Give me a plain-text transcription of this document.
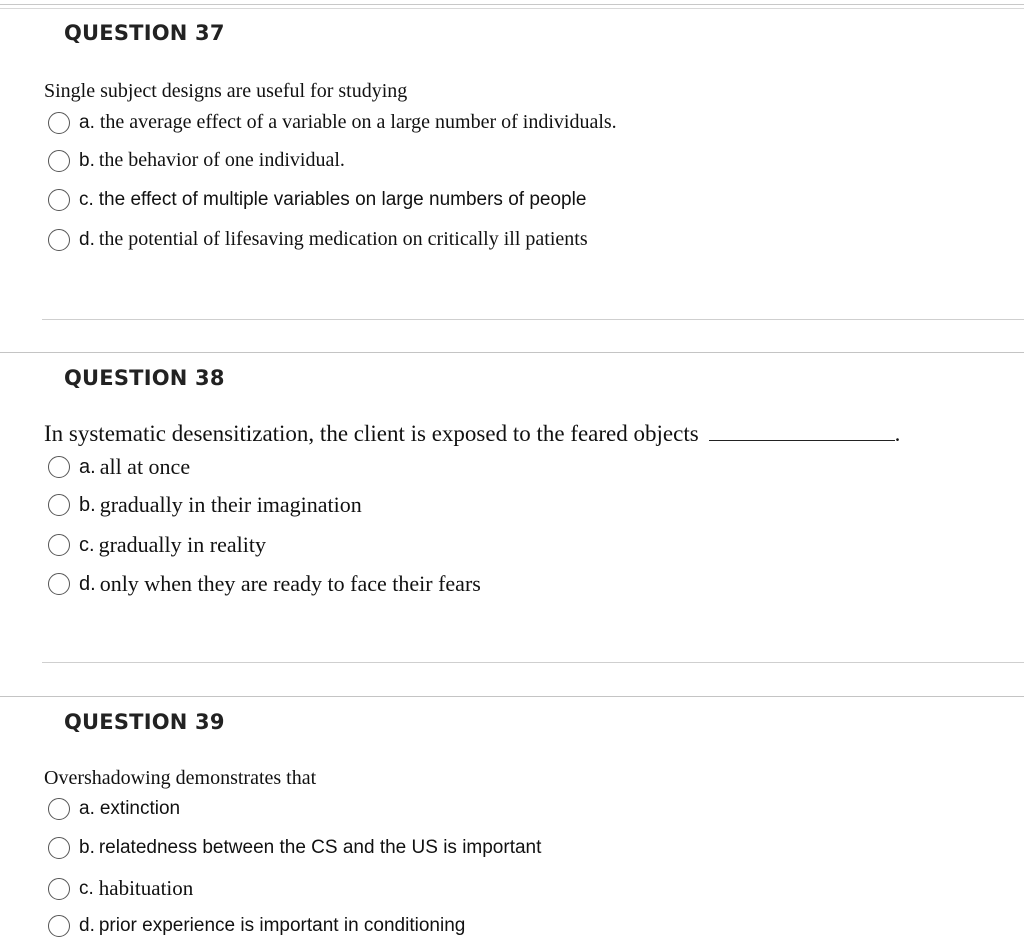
QUESTION 37
Single subject designs are useful for studying
a. the average effect of a variable on a large number of individuals.
b. the behavior of one individual.
c. the effect of multiple variables on large numbers of people
d. the potential of lifesaving medication on critically ill patients
QUESTION 38
In systematic desensitization, the client is exposed to the feared objects	.
a. all at once
b. gradually in their imagination
c. gradually in reality
d. only when they are ready to face their fears
QUESTION 39
Overshadowing demonstrates that
a. extinction
b. relatedness between the CS and the US is important
c. habituation
d. prior experience is important in conditioning
